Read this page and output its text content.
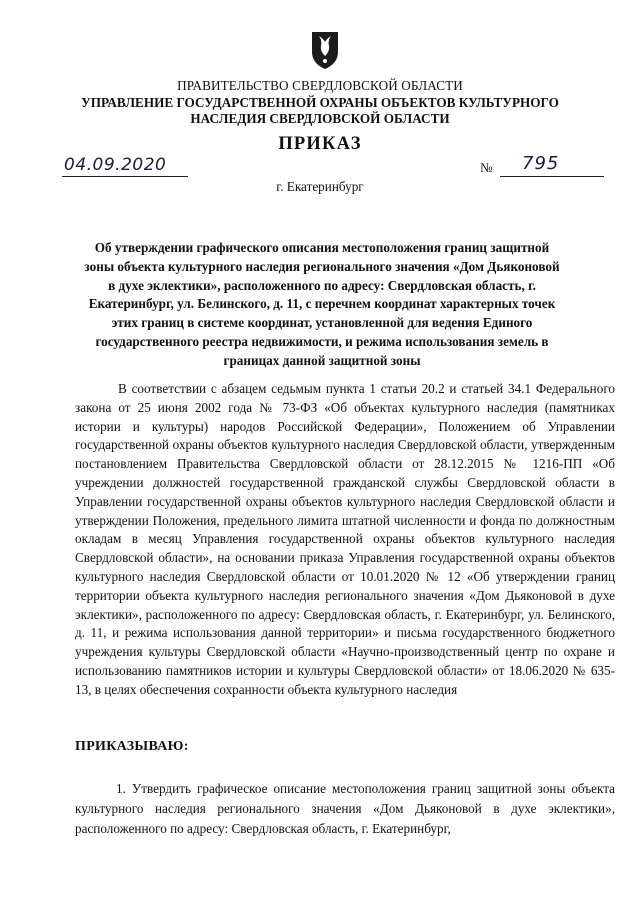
ПРАВИТЕЛЬСТВО СВЕРДЛОВСКОЙ ОБЛАСТИ
УПРАВЛЕНИЕ ГОСУДАРСТВЕННОЙ ОХРАНЫ ОБЪЕКТОВ КУЛЬТУРНОГО НАСЛЕДИЯ СВЕРДЛОВСКОЙ ОБЛАСТИ
ПРИКАЗ
04.09.2020	№ 795
г. Екатеринбург
Об утверждении графического описания местоположения границ защитной зоны объекта культурного наследия регионального значения «Дом Дьяконовой в духе эклектики», расположенного по адресу: Свердловская область, г. Екатеринбург, ул. Белинского, д. 11, с перечнем координат характерных точек этих границ в системе координат, установленной для ведения Единого государственного реестра недвижимости, и режима использования земель в границах данной защитной зоны

В соответствии с абзацем седьмым пункта 1 статьи 20.2 и статьей 34.1 Федерального закона от 25 июня 2002 года № 73-ФЗ «Об объектах культурного наследия (памятниках истории и культуры) народов Российской Федерации», Положением об Управлении государственной охраны объектов культурного наследия Свердловской области, утвержденным постановлением Правительства Свердловской области от 28.12.2015 № 1216-ПП «Об учреждении должностей государственной гражданской службы Свердловской области в Управлении государственной охраны объектов культурного наследия Свердловской области и утверждении Положения, предельного лимита штатной численности и фонда по должностным окладам в месяц Управления государственной охраны объектов культурного наследия Свердловской области», на основании приказа Управления государственной охраны объектов культурного наследия Свердловской области от 10.01.2020 № 12 «Об утверждении границ территории объекта культурного наследия регионального значения «Дом Дьяконовой в духе эклектики», расположенного по адресу: Свердловская область, г. Екатеринбург, ул. Белинского, д. 11, и режима использования данной территории» и письма государственного бюджетного учреждения культуры Свердловской области «Научно-производственный центр по охране и использованию памятников истории и культуры Свердловской области» от 18.06.2020 № 635-13, в целях обеспечения сохранности объекта культурного наследия

ПРИКАЗЫВАЮ:

1. Утвердить графическое описание местоположения границ защитной зоны объекта культурного наследия регионального значения «Дом Дьяконовой в духе эклектики», расположенного по адресу: Свердловская область, г. Екатеринбург,
